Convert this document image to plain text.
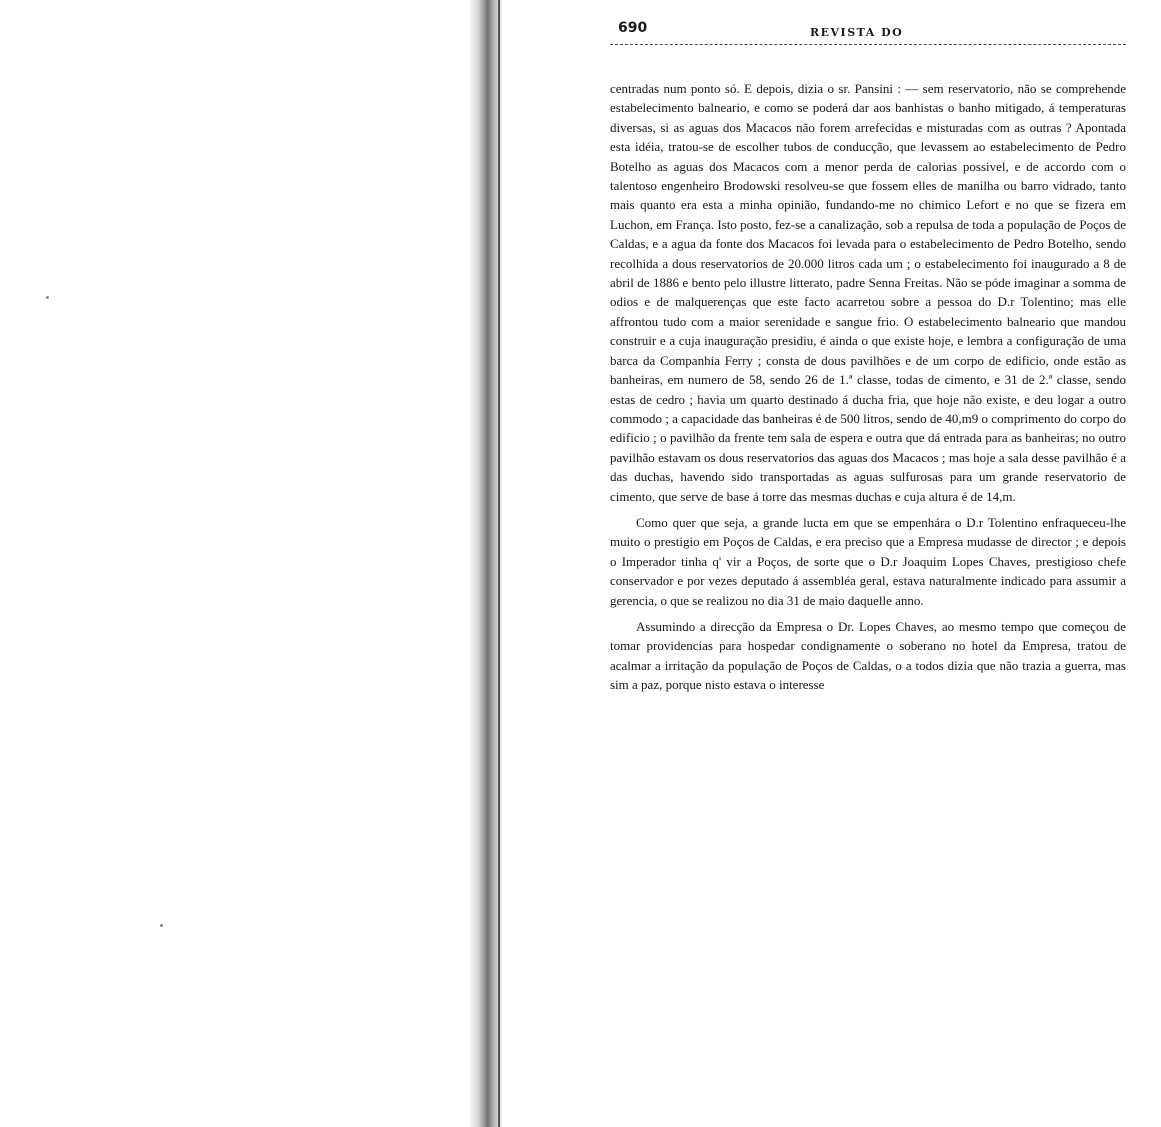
690	REVISTA DO

centradas num ponto só. E depois, dizia o sr. Pansini : — sem reservatorio, não se comprehende estabelecimento balneario, e como se poderá dar aos banhistas o banho mitigado, á temperaturas diversas, si as aguas dos Macacos não forem arrefecidas e misturadas com as outras ? Apontada esta idéia, tratou-se de escolher tubos de conducção, que levassem ao estabelecimento de Pedro Botelho as aguas dos Macacos com a menor perda de calorias possivel, e de accordo com o talentoso engenheiro Brodowski resolveu-se que fossem elles de manilha ou barro vidrado, tanto mais quanto era esta a minha opinião, fundando-me no chimico Lefort e no que se fizera em Luchon, em França. Isto posto, fez-se a canalização, sob a repulsa de toda a população de Poços de Caldas, e a agua da fonte dos Macacos foi levada para o estabelecimento de Pedro Botelho, sendo recolhida a dous reservatorios de 20.000 litros cada um ; o estabelecimento foi inaugurado a 8 de abril de 1886 e bento pelo illustre litterato, padre Senna Freitas. Não se póde imaginar a somma de odios e de malquerenças que este facto acarretou sobre a pessoa do D.r Tolentino; mas elle affrontou tudo com a maior serenidade e sangue frio. O estabelecimento balneario que mandou construir e a cuja inauguração presidiu, é ainda o que existe hoje, e lembra a configuração de uma barca da Companhia Ferry ; consta de dous pavilhões e de um corpo de edificio, onde estão as banheiras, em numero de 58, sendo 26 de 1.ª classe, todas de cimento, e 31 de 2.ª classe, sendo estas de cedro ; havia um quarto destinado á ducha fria, que hoje não existe, e deu logar a outro commodo ; a capacidade das banheiras é de 500 litros, sendo de 40,m9 o comprimento do corpo do edificio ; o pavilhão da frente tem sala de espera e outra que dá entrada para as banheiras; no outro pavilhão estavam os dous reservatorios das aguas dos Macacos ; mas hoje a sala desse pavilhão é a das duchas, havendo sido transportadas as aguas sulfurosas para um grande reservatorio de cimento, que serve de base á torre das mesmas duchas e cuja altura é de 14,m.

Como quer que seja, a grande lucta em que se empenhára o D.r Tolentino enfraqueceu-lhe muito o prestigio em Poços de Caldas, e era preciso que a Empresa mudasse de director ; e depois o Imperador tinha q' vir a Poços, de sorte que o D.r Joaquim Lopes Chaves, prestigioso chefe conservador e por vezes deputado á assembléa geral, estava naturalmente indicado para assumir a gerencia, o que se realizou no dia 31 de maio daquelle anno.

Assumindo a direcção da Empresa o Dr. Lopes Chaves, ao mesmo tempo que começou de tomar providencias para hospedar condignamente o soberano no hotel da Empresa, tratou de acalmar a irritação da população de Poços de Caldas, o a todos dizia que não trazia a guerra, mas sim a paz, porque nisto estava o interesse
